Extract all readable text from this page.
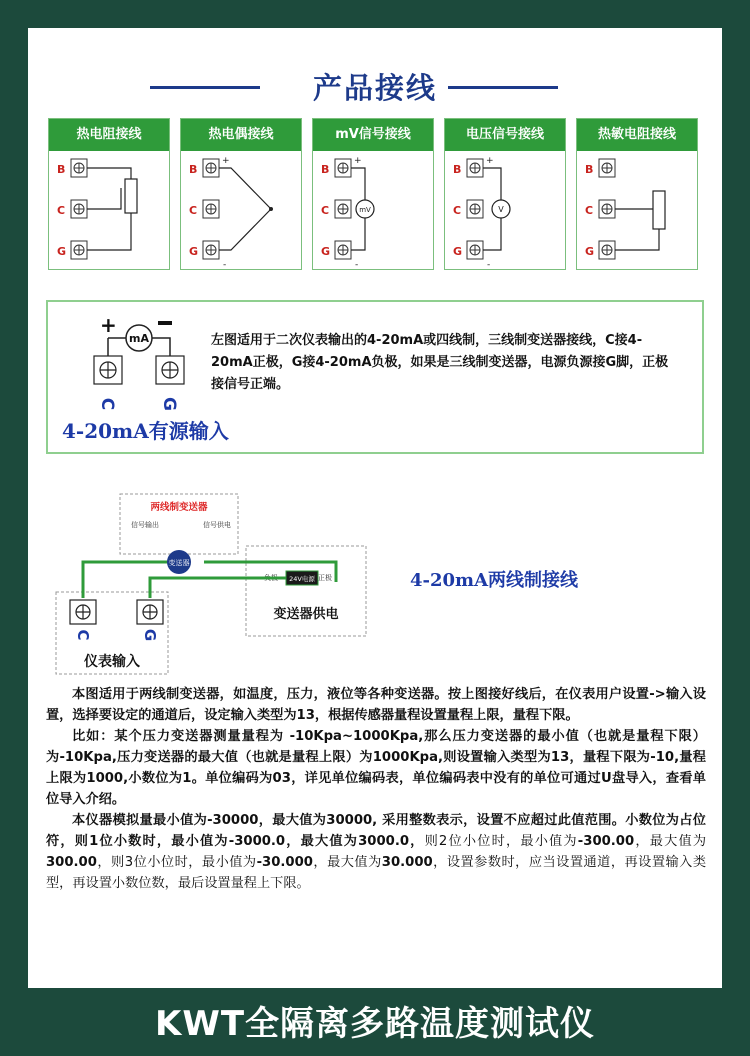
产品接线
热电阻接线
B
C
G
热电偶接线
B
C
G
+
-
mV信号接线
B
C
G
+
-
mV
电压信号接线
B
C
G
+
-
V
热敏电阻接线
B
C
G
+
mA
C G
左图适用于二次仪表输出的4-20mA或四线制，三线制变送器接线，C接4-20mA正极，G接4-20mA负极，如果是三线制变送器，电源负源接G脚，正极接信号正端。
4-20mA有源输入
两线制变送器
信号输出	信号供电
负极	正极
变送器
24V电源
变送器供电
C	G
仪表输入
4-20mA两线制接线

本图适用于两线制变送器，如温度，压力，液位等各种变送器。按上图接好线后，在仪表用户设置->输入设置，选择要设定的通道后，设定输入类型为13，根据传感器量程设置量程上限，量程下限。

比如：某个压力变送器测量量程为 -10Kpa~1000Kpa,那么压力变送器的最小值（也就是量程下限）为-10Kpa,压力变送器的最大值（也就是量程上限）为1000Kpa,则设置输入类型为13，量程下限为-10,量程上限为1000,小数位为1。单位编码为03，详见单位编码表，单位编码表中没有的单位可通过U盘导入，查看单位导入介绍。

本仪器模拟量最小值为-30000，最大值为30000, 采用整数表示，设置不应超过此值范围。小数位为占位符，则1位小数时，最小值为-3000.0，最大值为3000.0，则2位小位时，最小值为-300.00，最大值为300.00，则3位小位时，最小值为-30.000，最大值为30.000，设置参数时，应当设置通道，再设置输入类型，再设置小数位数，最后设置量程上下限。

KWT全隔离多路温度测试仪
